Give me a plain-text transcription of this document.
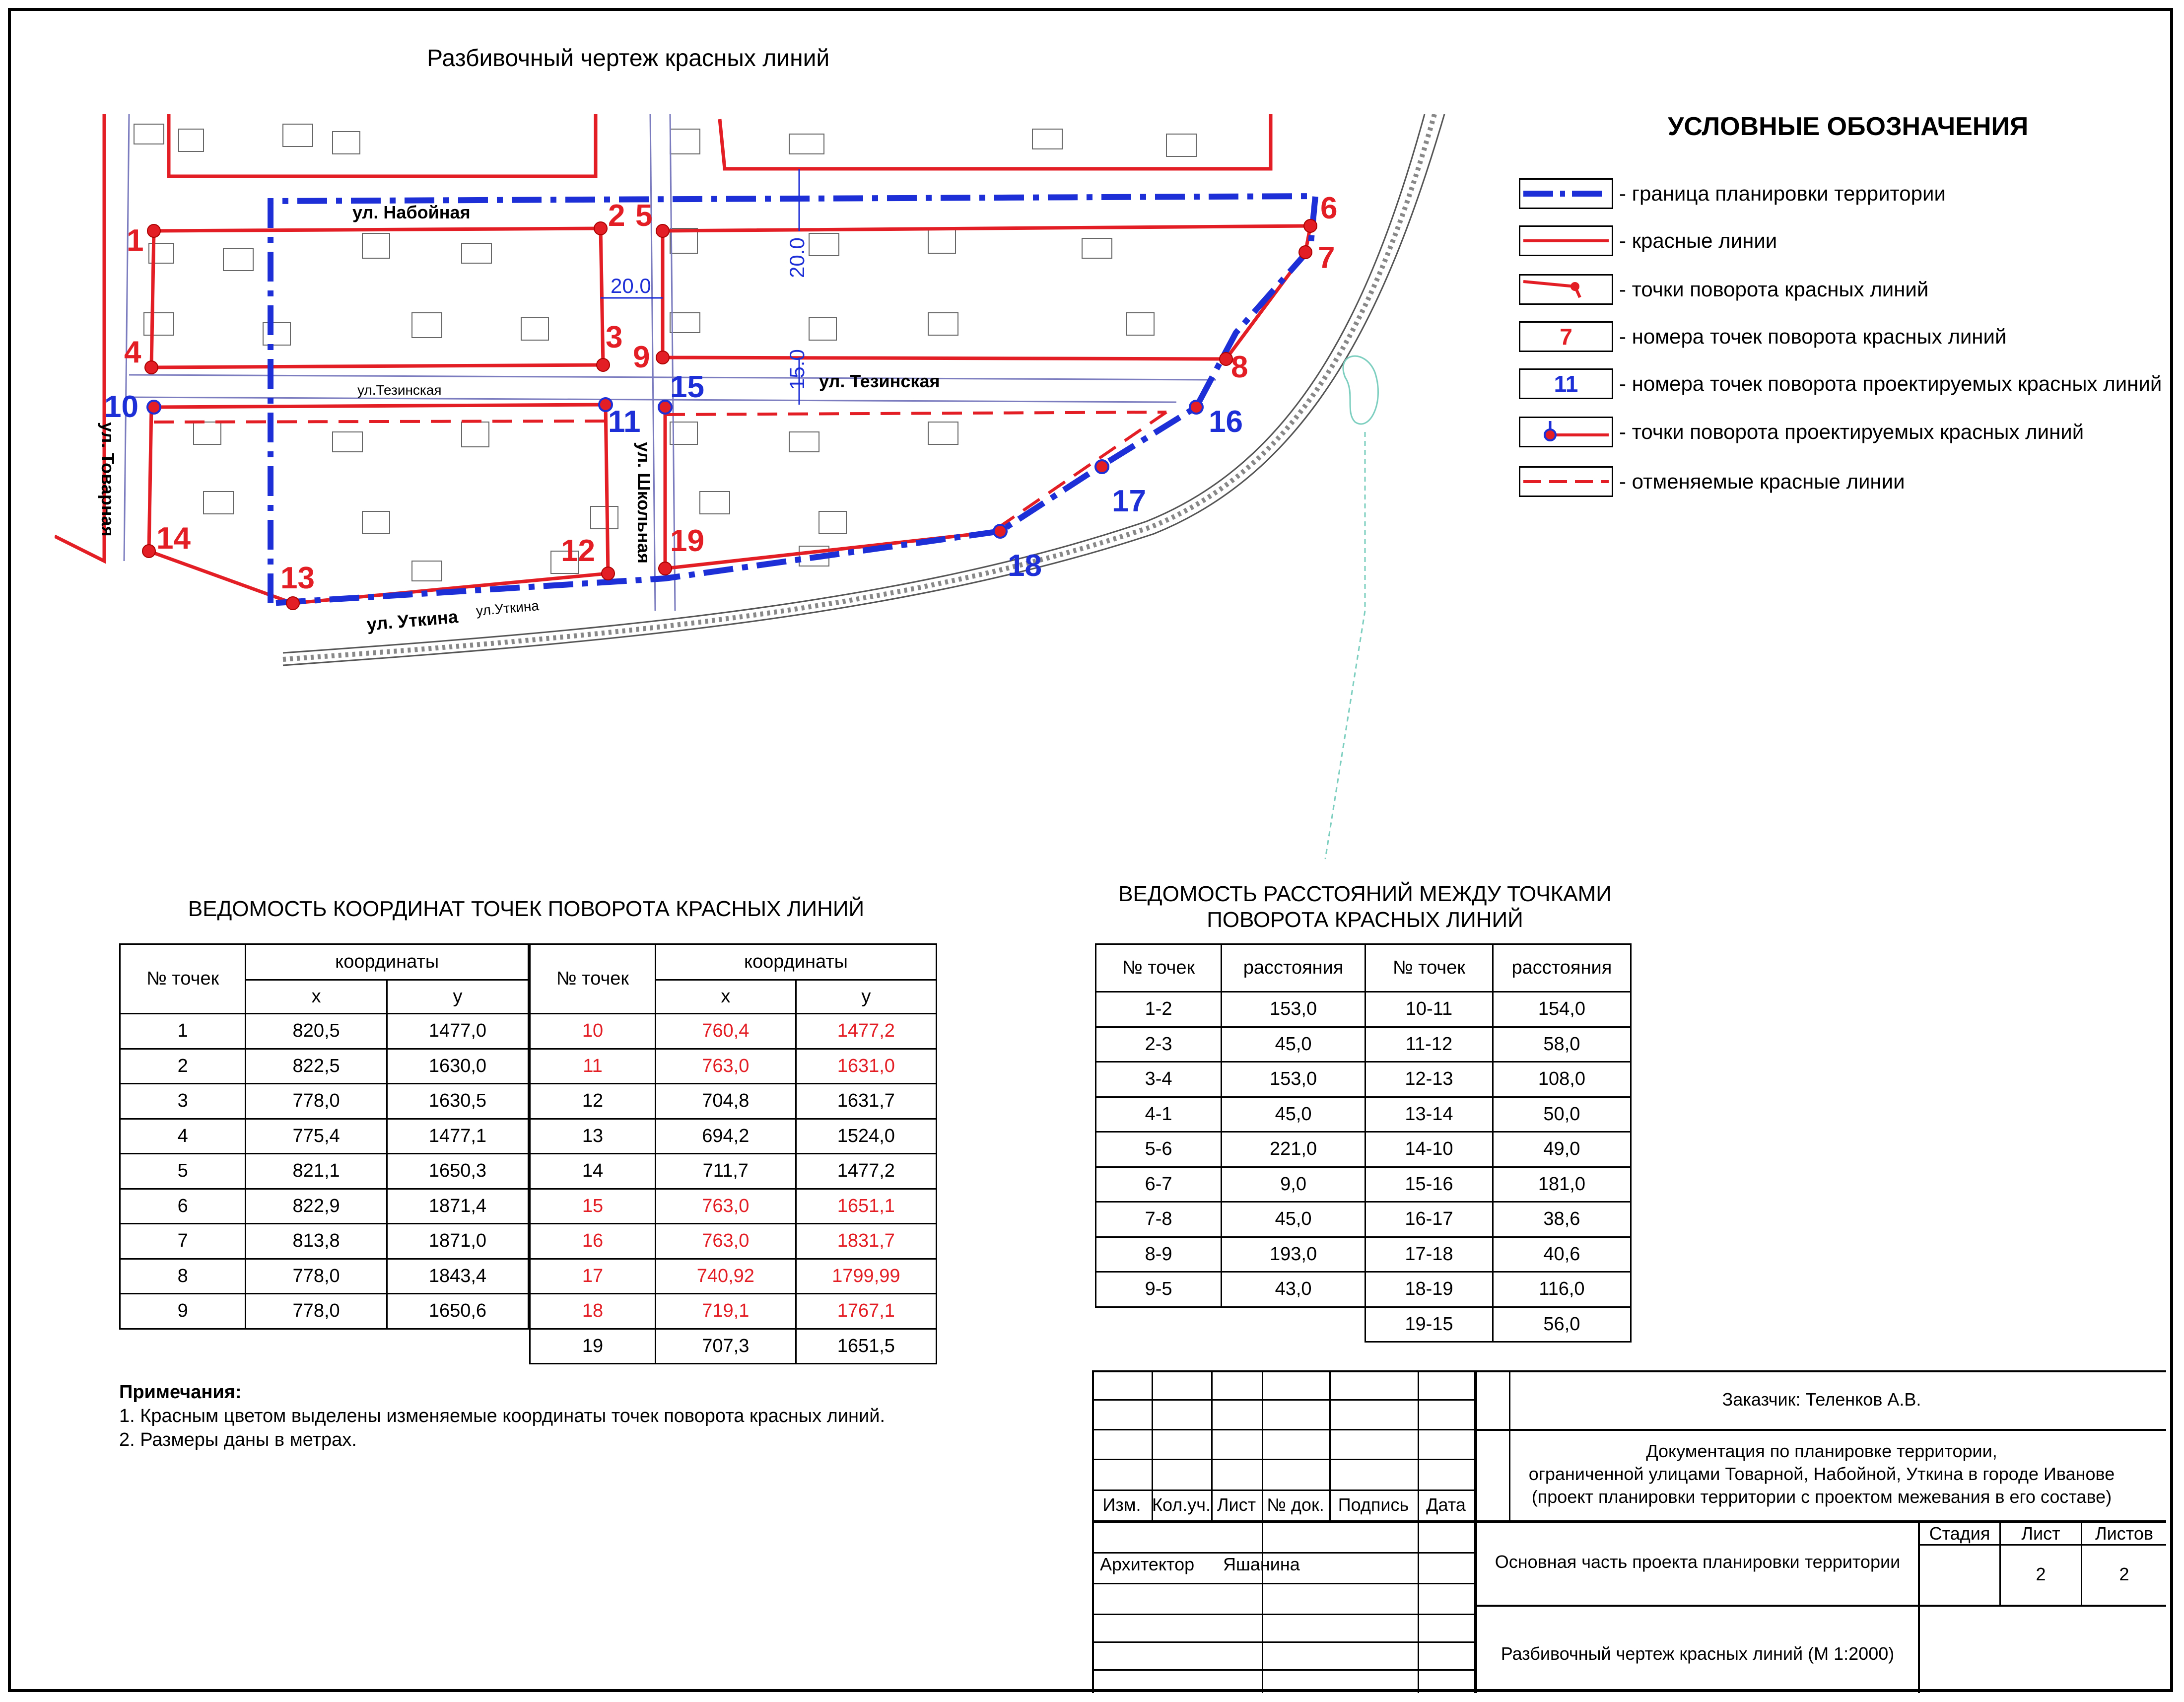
Разбивочный чертеж красных линий
20.0
20.0
15.0
ул. Набойная
ул. Тезинская
ул.Тезинская
ул. Школьная
ул. Товарная
ул. Уткина ул.Уткина
1
2
3
4
5	6
7
8
9
12
13
14	19
10	11
15
16
17
18
УСЛОВНЫЕ ОБОЗНАЧЕНИЯ
- граница планировки территории
- красные линии
- точки поворота красных линий
7 - номера точек поворота красных линий
11 - номера точек поворота проектируемых красных линий
- точки поворота проектируемых красных линий
- отменяемые красные линии
ВЕДОМОСТЬ КООРДИНАТ ТОЧЕК ПОВОРОТА КРАСНЫХ ЛИНИЙ
№ точек	координаты	
	x	y
1	820,5	1477,0
2	822,5	1630,0
3	778,0	1630,5
4	775,4	1477,1
5	821,1	1650,3
6	822,9	1871,4
7	813,8	1871,0
8	778,0	1843,4
9	778,0	1650,6
№ точек	координаты	
	x	y
10	760,4	1477,2
11	763,0	1631,0
12	704,8	1631,7
13	694,2	1524,0
14	711,7	1477,2
15	763,0	1651,1
16	763,0	1831,7
17	740,92	1799,99
18	719,1	1767,1
19	707,3	1651,5
Примечания:
1. Красным цветом выделены изменяемые координаты точек поворота красных линий.
2. Размеры даны в метрах.
ВЕДОМОСТЬ РАССТОЯНИЙ МЕЖДУ ТОЧКАМИ
ПОВОРОТА КРАСНЫХ ЛИНИЙ
№ точек	расстояния
1-2	153,0
2-3	45,0
3-4	153,0
4-1	45,0
5-6	221,0
6-7	9,0
7-8	45,0
8-9	193,0
9-5	43,0
№ точек	расстояния
10-11	154,0
11-12	58,0
12-13	108,0
13-14	50,0
14-10	49,0
15-16	181,0
16-17	38,6
17-18	40,6
18-19	116,0
19-15	56,0
Изм. Кол.уч. Лист № док. Подпись Дата
Архитектор	Яшанина
Заказчик: Теленков А.В.
Документация по планировке территории,
ограниченной улицами Товарной, Набойной, Уткина в городе Иванове
(проект планировки территории с проектом межевания в его составе)
Основная часть проекта планировки территории
Разбивочный чертеж красных линий (М 1:2000)
Стадия	Лист	Листов
2	2
